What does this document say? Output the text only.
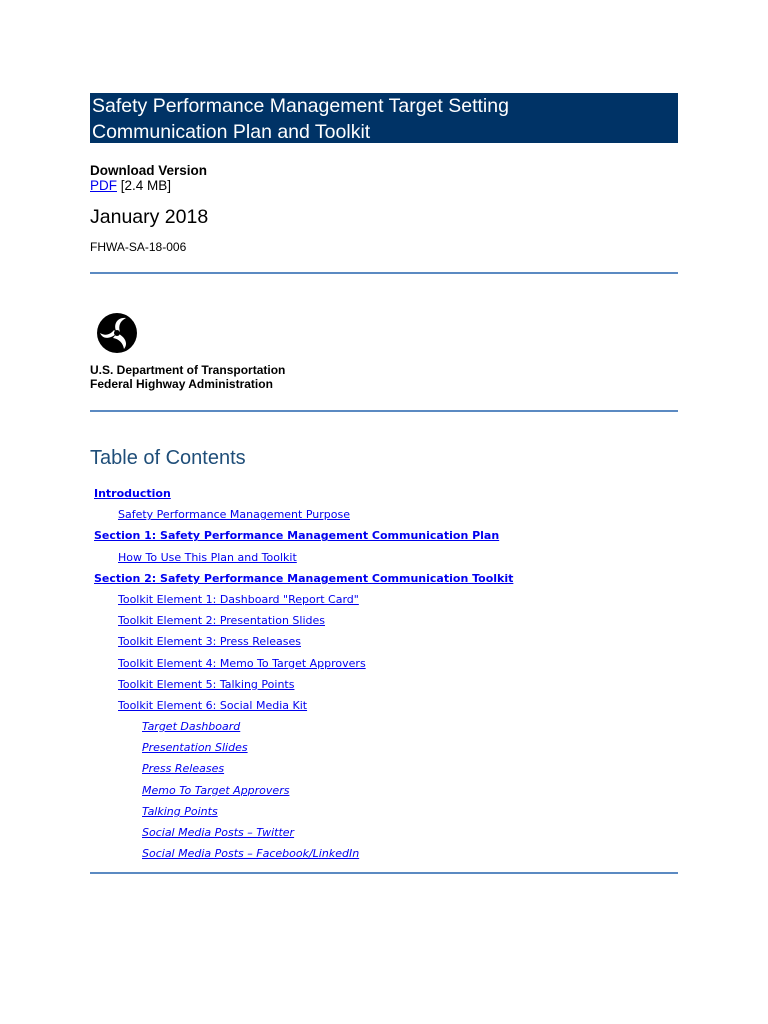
Safety Performance Management Target Setting
Communication Plan and Toolkit
Download Version
PDF [2.4 MB]
January 2018
FHWA-SA-18-006
U.S. Department of Transportation
Federal Highway Administration
Table of Contents
Introduction
Safety Performance Management Purpose
Section 1: Safety Performance Management Communication Plan
How To Use This Plan and Toolkit
Section 2: Safety Performance Management Communication Toolkit
Toolkit Element 1: Dashboard "Report Card"
Toolkit Element 2: Presentation Slides
Toolkit Element 3: Press Releases
Toolkit Element 4: Memo To Target Approvers
Toolkit Element 5: Talking Points
Toolkit Element 6: Social Media Kit
Target Dashboard
Presentation Slides
Press Releases
Memo To Target Approvers
Talking Points
Social Media Posts – Twitter
Social Media Posts – Facebook/LinkedIn
